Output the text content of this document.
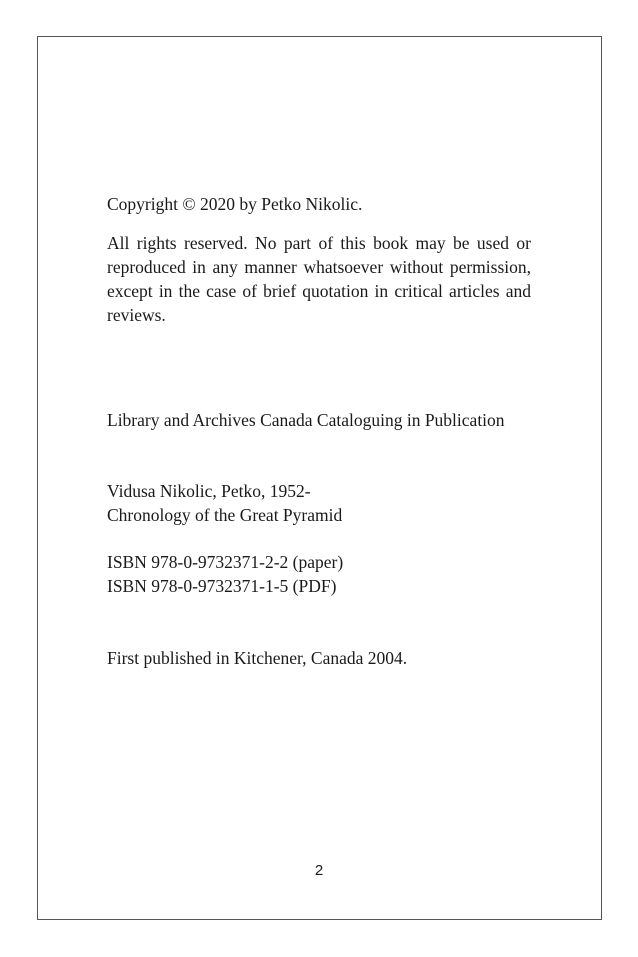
Copyright © 2020 by Petko Nikolic.

All rights reserved. No part of this book may be used or reproduced in any manner whatsoever without permission, except in the case of brief quotation in critical articles and reviews.

Library and Archives Canada Cataloguing in Publication

Vidusa Nikolic, Petko, 1952-
Chronology of the Great Pyramid
ISBN 978-0-9732371-2-2 (paper)
ISBN 978-0-9732371-1-5 (PDF)

First published in Kitchener, Canada 2004.

2
